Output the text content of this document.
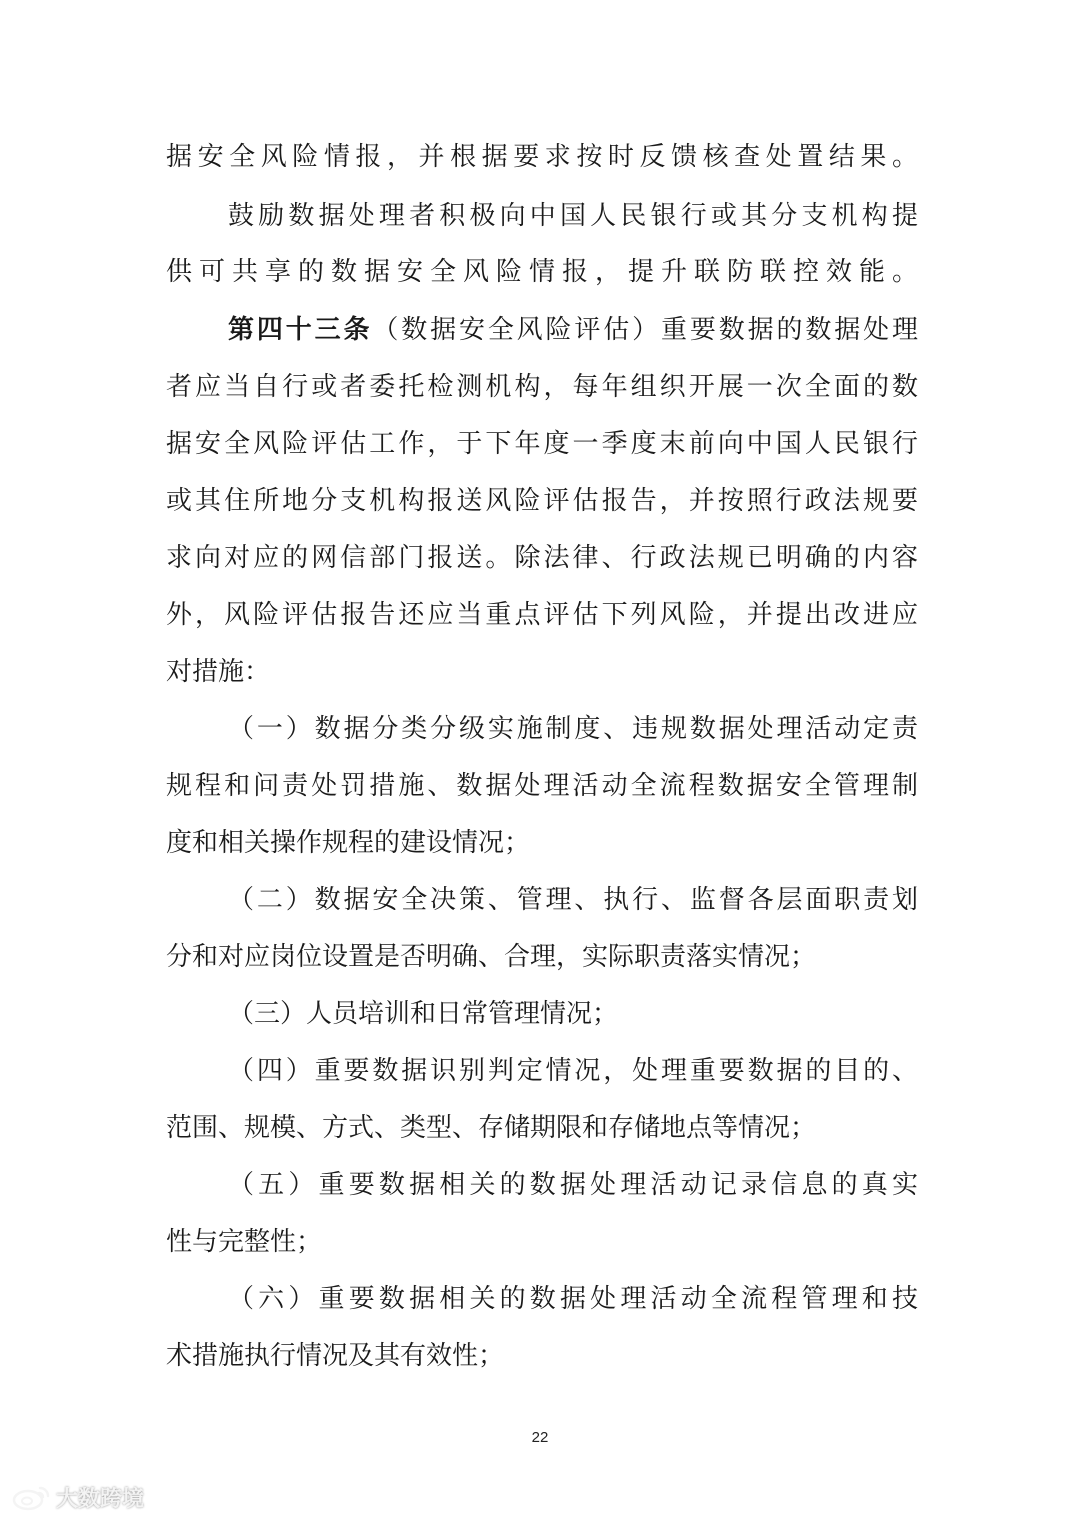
据安全风险情报，并根据要求按时反馈核查处置结果。
鼓励数据处理者积极向中国人民银行或其分支机构提
供可共享的数据安全风险情报，提升联防联控效能。
第四十三条（数据安全风险评估）重要数据的数据处理
者应当自行或者委托检测机构，每年组织开展一次全面的数
据安全风险评估工作，于下年度一季度末前向中国人民银行
或其住所地分支机构报送风险评估报告，并按照行政法规要
求向对应的网信部门报送。除法律、行政法规已明确的内容
外，风险评估报告还应当重点评估下列风险，并提出改进应
对措施：
（一）数据分类分级实施制度、违规数据处理活动定责
规程和问责处罚措施、数据处理活动全流程数据安全管理制
度和相关操作规程的建设情况；
（二）数据安全决策、管理、执行、监督各层面职责划
分和对应岗位设置是否明确、合理，实际职责落实情况；
（三）人员培训和日常管理情况；
（四）重要数据识别判定情况，处理重要数据的目的、
范围、规模、方式、类型、存储期限和存储地点等情况；
（五）重要数据相关的数据处理活动记录信息的真实
性与完整性；
（六）重要数据相关的数据处理活动全流程管理和技
术措施执行情况及其有效性；
22
大数跨境
